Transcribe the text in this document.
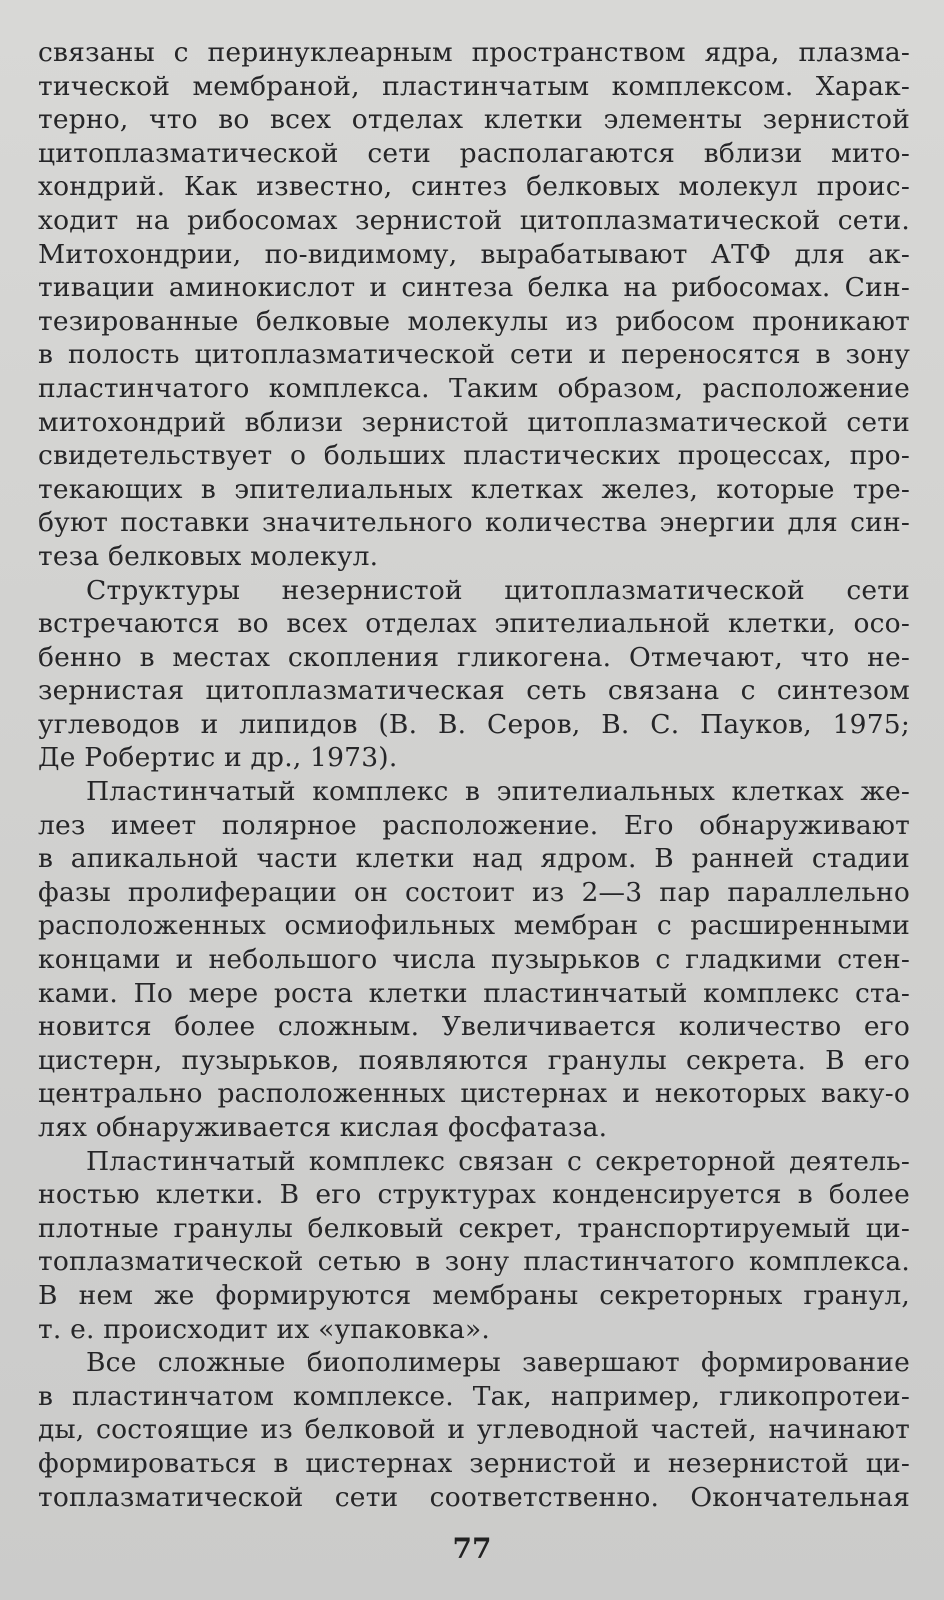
связаны с перинуклеарным пространством ядра, плазма-
тической мембраной, пластинчатым комплексом. Харак-
терно, что во всех отделах клетки элементы зернистой
цитоплазматической сети располагаются вблизи мито-
хондрий. Как известно, синтез белковых молекул проис-
ходит на рибосомах зернистой цитоплазматической сети.
Митохондрии, по-видимому, вырабатывают АТФ для ак-
тивации аминокислот и синтеза белка на рибосомах. Син-
тезированные белковые молекулы из рибосом проникают
в полость цитоплазматической сети и переносятся в зону
пластинчатого комплекса. Таким образом, расположение
митохондрий вблизи зернистой цитоплазматической сети
свидетельствует о больших пластических процессах, про-
текающих в эпителиальных клетках желез, которые тре-
буют поставки значительного количества энергии для син-
теза белковых молекул.
Структуры незернистой цитоплазматической сети
встречаются во всех отделах эпителиальной клетки, осо-
бенно в местах скопления гликогена. Отмечают, что не-
зернистая цитоплазматическая сеть связана с синтезом
углеводов и липидов (В. В. Серов, В. С. Пауков, 1975;
Де Робертис и др., 1973).
Пластинчатый комплекс в эпителиальных клетках же-
лез имеет полярное расположение. Его обнаруживают
в апикальной части клетки над ядром. В ранней стадии
фазы пролиферации он состоит из 2—3 пар параллельно
расположенных осмиофильных мембран с расширенными
концами и небольшого числа пузырьков с гладкими стен-
ками. По мере роста клетки пластинчатый комплекс ста-
новится более сложным. Увеличивается количество его
цистерн, пузырьков, появляются гранулы секрета. В его
центрально расположенных цистернах и некоторых ваку-о
лях обнаруживается кислая фосфатаза.
Пластинчатый комплекс связан с секреторной деятель-
ностью клетки. В его структурах конденсируется в более
плотные гранулы белковый секрет, транспортируемый ци-
топлазматической сетью в зону пластинчатого комплекса.
В нем же формируются мембраны секреторных гранул,
т. е. происходит их «упаковка».
Все сложные биополимеры завершают формирование
в пластинчатом комплексе. Так, например, гликопротеи-
ды, состоящие из белковой и углеводной частей, начинают
формироваться в цистернах зернистой и незернистой ци-
топлазматической сети соответственно. Окончательная
77
